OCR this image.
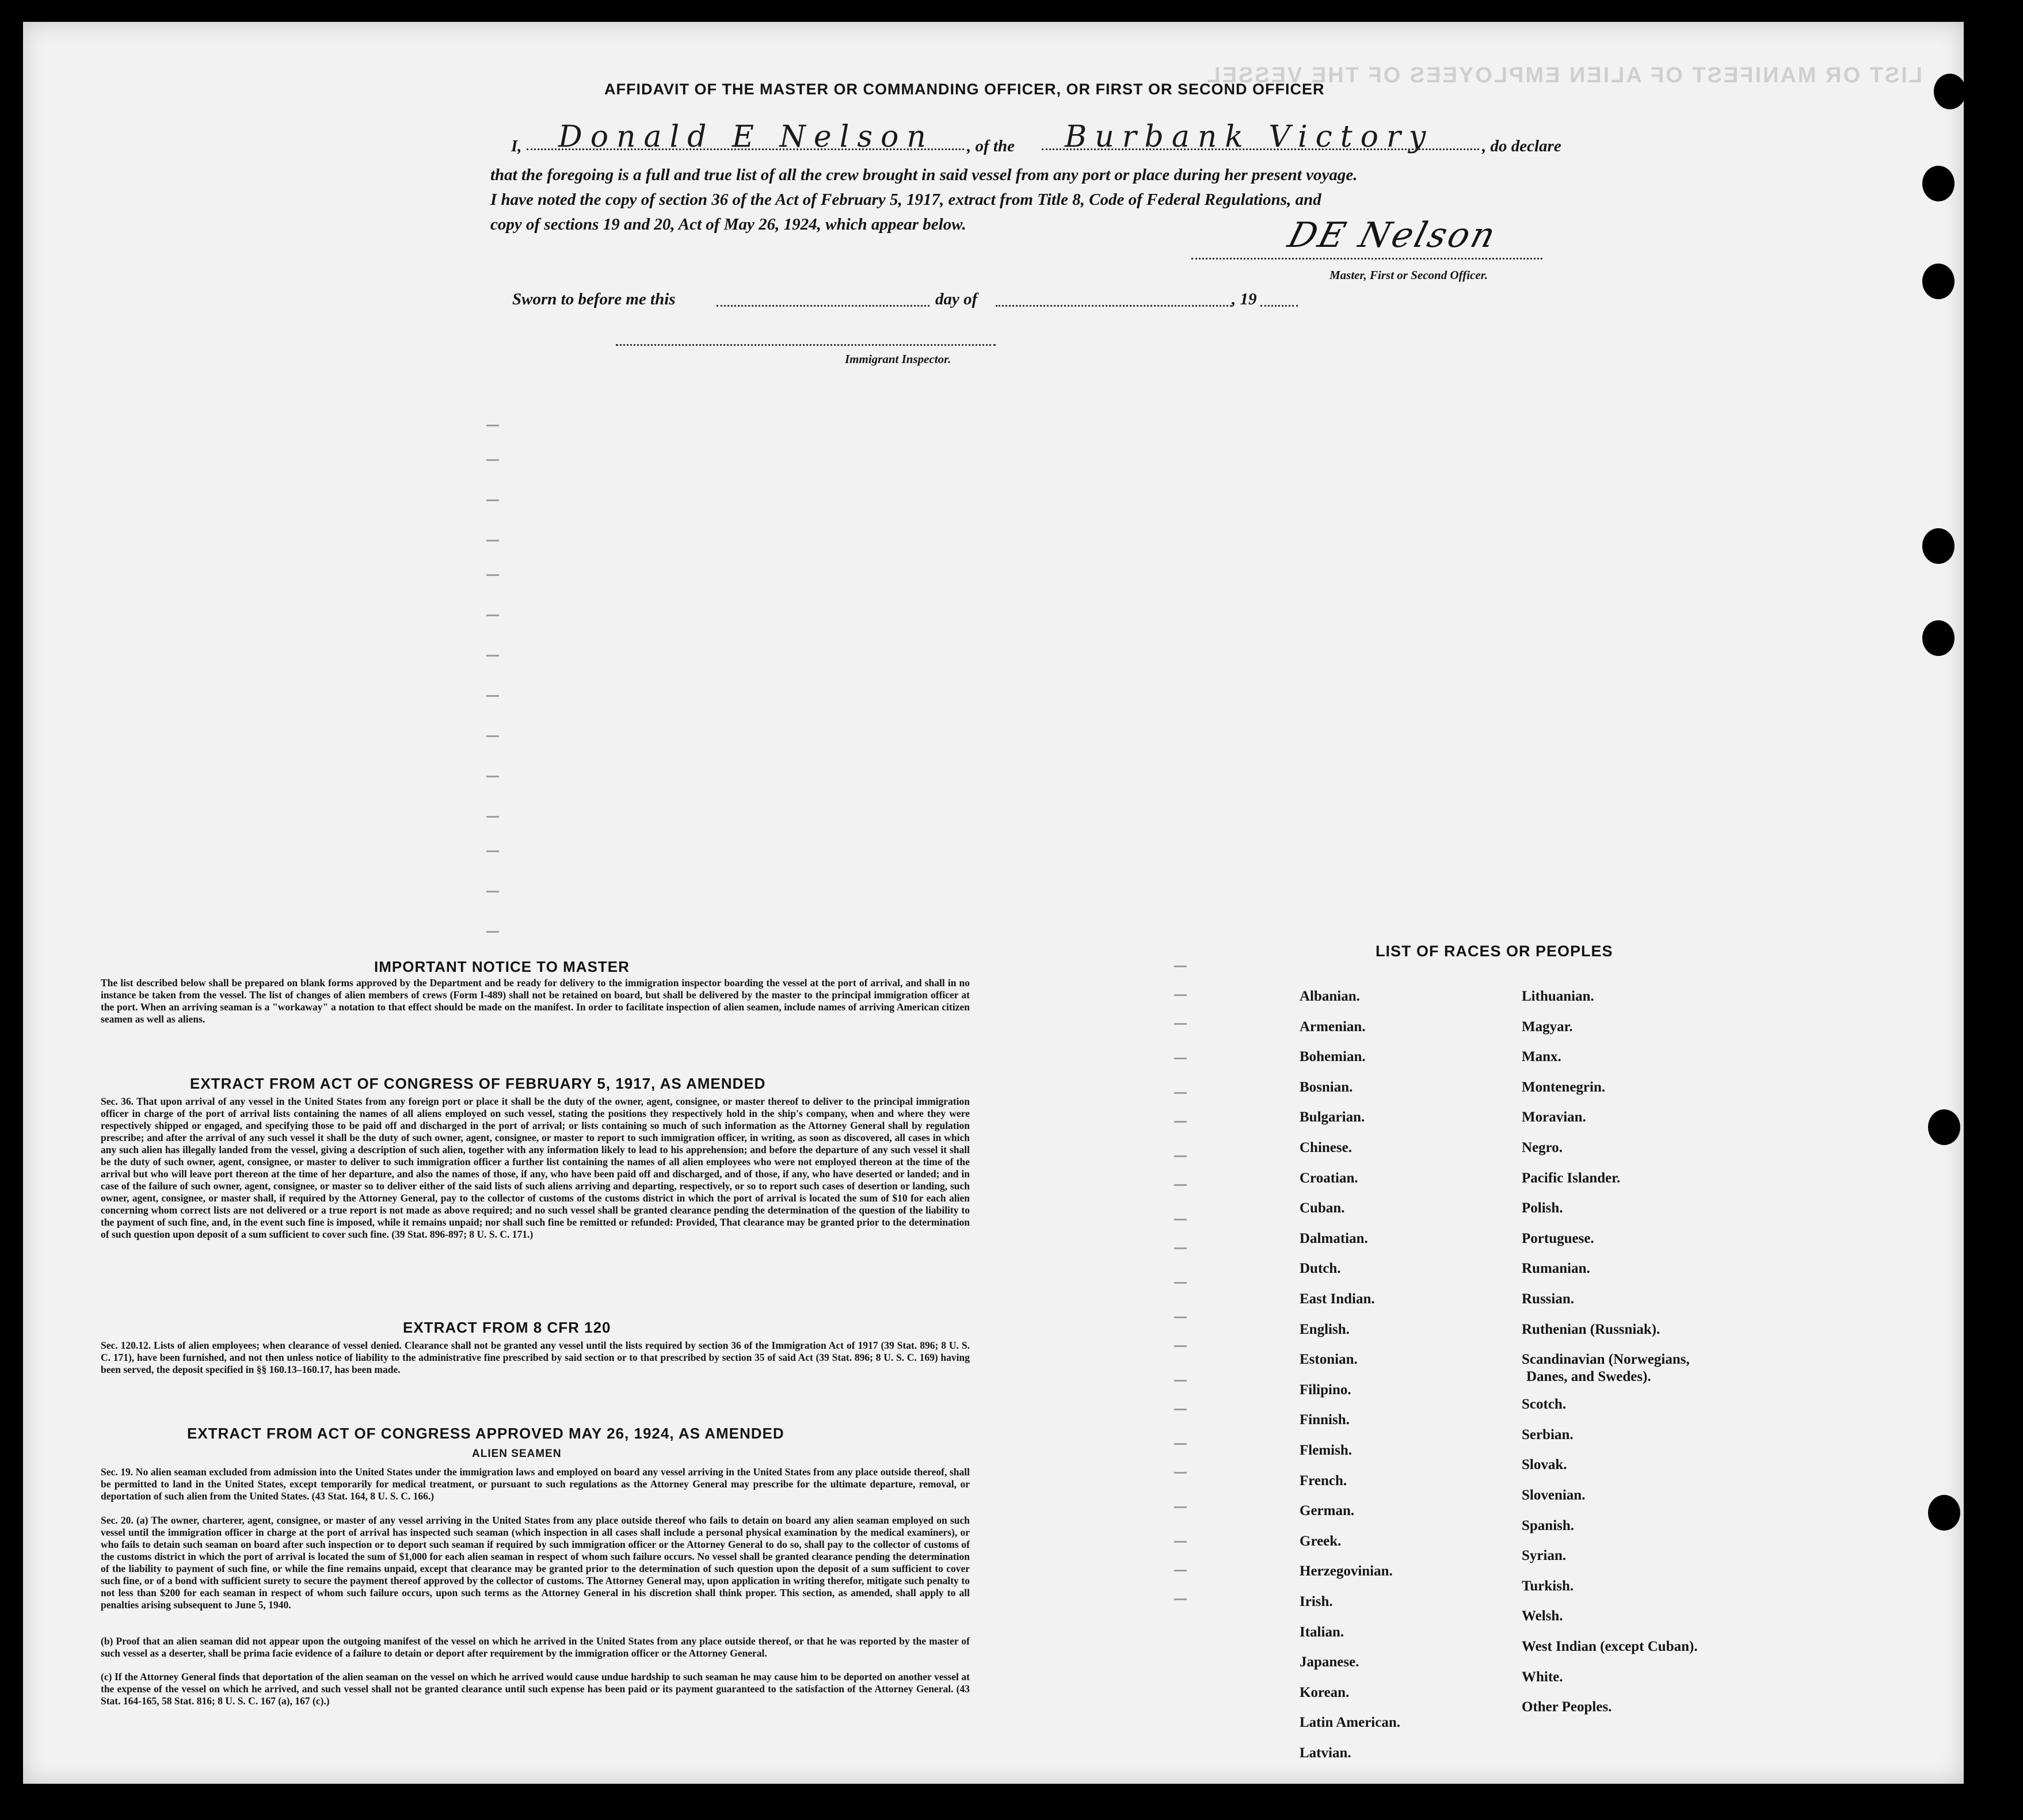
LIST OR MANIFEST OF ALIEN EMPLOYEES OF THE VESSEL
AFFIDAVIT OF THE MASTER OR COMMANDING OFFICER, OR FIRST OR SECOND OFFICER
I, Donald E Nelson , of the Burbank Victory	, do declare
that the foregoing is a full and true list of all the crew brought in said vessel from any port or place during her present voyage.
I have noted the copy of section 36 of the Act of February 5, 1917, extract from Title 8, Code of Federal Regulations, and
copy of sections 19 and 20, Act of May 26, 1924, which appear below.	DE Nelson
Master, First or Second Officer.
Sworn to before me this	day of	, 19
Immigrant Inspector.
IMPORTANT NOTICE TO MASTER
The list described below shall be prepared on blank forms approved by the Department and be ready for delivery to the immigration inspector boarding the vessel at the port of arrival, and shall in no instance be taken from the vessel. The list of changes of alien members of crews (Form I-489) shall not be retained on board, but shall be delivered by the master to the principal immigration officer at the port. When an arriving seaman is a "workaway" a notation to that effect should be made on the manifest. In order to facilitate inspection of alien seamen, include names of arriving American citizen seamen as well as aliens.
EXTRACT FROM ACT OF CONGRESS OF FEBRUARY 5, 1917, AS AMENDED
Sec. 36. That upon arrival of any vessel in the United States from any foreign port or place it shall be the duty of the owner, agent, consignee, or master thereof to deliver to the principal immigration officer in charge of the port of arrival lists containing the names of all aliens employed on such vessel, stating the positions they respectively hold in the ship's company, when and where they were respectively shipped or engaged, and specifying those to be paid off and discharged in the port of arrival; or lists containing so much of such information as the Attorney General shall by regulation prescribe; and after the arrival of any such vessel it shall be the duty of such owner, agent, consignee, or master to report to such immigration officer, in writing, as soon as discovered, all cases in which any such alien has illegally landed from the vessel, giving a description of such alien, together with any information likely to lead to his apprehension; and before the departure of any such vessel it shall be the duty of such owner, agent, consignee, or master to deliver to such immigration officer a further list containing the names of all alien employees who were not employed thereon at the time of the arrival but who will leave port thereon at the time of her departure, and also the names of those, if any, who have been paid off and discharged, and of those, if any, who have deserted or landed; and in case of the failure of such owner, agent, consignee, or master so to deliver either of the said lists of such aliens arriving and departing, respectively, or so to report such cases of desertion or landing, such owner, agent, consignee, or master shall, if required by the Attorney General, pay to the collector of customs of the customs district in which the port of arrival is located the sum of $10 for each alien concerning whom correct lists are not delivered or a true report is not made as above required; and no such vessel shall be granted clearance pending the determination of the question of the liability to the payment of such fine, and, in the event such fine is imposed, while it remains unpaid; nor shall such fine be remitted or refunded: Provided, That clearance may be granted prior to the determination of such question upon deposit of a sum sufficient to cover such fine. (39 Stat. 896-897; 8 U. S. C. 171.)
EXTRACT FROM 8 CFR 120
Sec. 120.12. Lists of alien employees; when clearance of vessel denied. Clearance shall not be granted any vessel until the lists required by section 36 of the Immigration Act of 1917 (39 Stat. 896; 8 U. S. C. 171), have been furnished, and not then unless notice of liability to the administrative fine prescribed by said section or to that prescribed by section 35 of said Act (39 Stat. 896; 8 U. S. C. 169) having been served, the deposit specified in §§ 160.13–160.17, has been made.
EXTRACT FROM ACT OF CONGRESS APPROVED MAY 26, 1924, AS AMENDED
ALIEN SEAMEN
Sec. 19. No alien seaman excluded from admission into the United States under the immigration laws and employed on board any vessel arriving in the United States from any place outside thereof, shall be permitted to land in the United States, except temporarily for medical treatment, or pursuant to such regulations as the Attorney General may prescribe for the ultimate departure, removal, or deportation of such alien from the United States. (43 Stat. 164, 8 U. S. C. 166.)
Sec. 20. (a) The owner, charterer, agent, consignee, or master of any vessel arriving in the United States from any place outside thereof who fails to detain on board any alien seaman employed on such vessel until the immigration officer in charge at the port of arrival has inspected such seaman (which inspection in all cases shall include a personal physical examination by the medical examiners), or who fails to detain such seaman on board after such inspection or to deport such seaman if required by such immigration officer or the Attorney General to do so, shall pay to the collector of customs of the customs district in which the port of arrival is located the sum of $1,000 for each alien seaman in respect of whom such failure occurs. No vessel shall be granted clearance pending the determination of the liability to payment of such fine, or while the fine remains unpaid, except that clearance may be granted prior to the determination of such question upon the deposit of a sum sufficient to cover such fine, or of a bond with sufficient surety to secure the payment thereof approved by the collector of customs. The Attorney General may, upon application in writing therefor, mitigate such penalty to not less than $200 for each seaman in respect of whom such failure occurs, upon such terms as the Attorney General in his discretion shall think proper. This section, as amended, shall apply to all penalties arising subsequent to June 5, 1940.
(b) Proof that an alien seaman did not appear upon the outgoing manifest of the vessel on which he arrived in the United States from any place outside thereof, or that he was reported by the master of such vessel as a deserter, shall be prima facie evidence of a failure to detain or deport after requirement by the immigration officer or the Attorney General.
(c) If the Attorney General finds that deportation of the alien seaman on the vessel on which he arrived would cause undue hardship to such seaman he may cause him to be deported on another vessel at the expense of the vessel on which he arrived, and such vessel shall not be granted clearance until such expense has been paid or its payment guaranteed to the satisfaction of the Attorney General. (43 Stat. 164-165, 58 Stat. 816; 8 U. S. C. 167 (a), 167 (c).)
LIST OF RACES OR PEOPLES
Albanian.
Armenian.
Bohemian.
Bosnian.
Bulgarian.
Chinese.
Croatian.
Cuban.
Dalmatian.
Dutch.
East Indian.
English.
Estonian.
Filipino.
Finnish.
Flemish.
French.
German.
Greek.
Herzegovinian.
Irish.
Italian.
Japanese.
Korean.
Latin American.
Latvian.
Lithuanian.
Magyar.
Manx.
Montenegrin.
Moravian.
Negro.
Pacific Islander.
Polish.
Portuguese.
Rumanian.
Russian.
Ruthenian (Russniak).
Scandinavian (Norwegians,
Danes, and Swedes).
Scotch.
Serbian.
Slovak.
Slovenian.
Spanish.
Syrian.
Turkish.
Welsh.
West Indian (except Cuban).
White.
Other Peoples.
